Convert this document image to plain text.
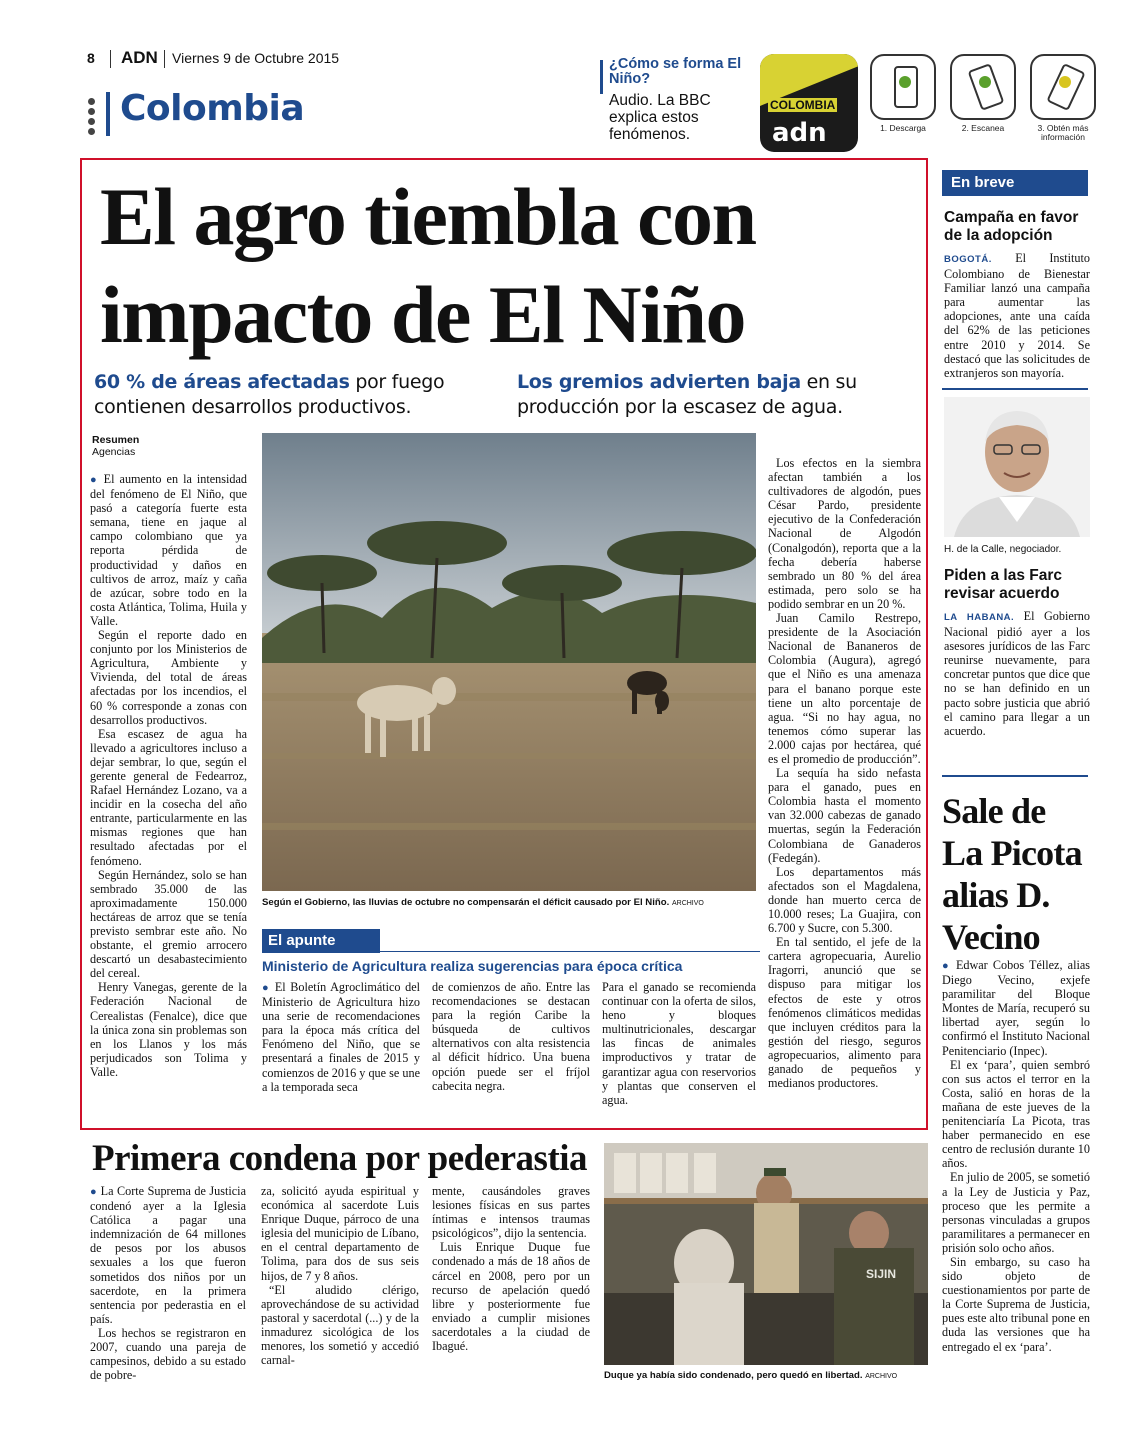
8 ADN Viernes 9 de Octubre 2015
Colombia
¿Cómo se forma El Niño?
Audio. La BBC explica estos fenómenos.
COLOMBIA
adn	1. Descarga	2. Escanea	3. Obtén más información
El agro tiembla con impacto de El Niño
60 % de áreas afectadas por fuego contienen desarrollos productivos.
Los gremios advierten baja en su producción por la escasez de agua.
Resumen
Agencias

● El aumento en la intensidad del fenómeno de El Niño, que pasó a categoría fuerte esta semana, tiene en jaque al campo colombiano que ya reporta pérdida de productividad y daños en cultivos de arroz, maíz y caña de azúcar, sobre todo en la costa Atlántica, Tolima, Huila y Valle.

Según el reporte dado en conjunto por los Ministerios de Agricultura, Ambiente y Vivienda, del total de áreas afectadas por los incendios, el 60 % corresponde a zonas con desarrollos productivos.

Esa escasez de agua ha llevado a agricultores incluso a dejar sembrar, lo que, según el gerente general de Fedearroz, Rafael Hernández Lozano, va a incidir en la cosecha del año entrante, particularmente en las mismas regiones que han resultado afectadas por el fenómeno.

Según Hernández, solo se han sembrado 35.000 de las aproximadamente 150.000 hectáreas de arroz que se tenía previsto sembrar este año. No obstante, el gremio arrocero descartó un desabastecimiento del cereal.

Henry Vanegas, gerente de la Federación Nacional de Cerealistas (Fenalce), dice que la única zona sin problemas son en los Llanos y los más perjudicados son Tolima y Valle.

Según el Gobierno, las lluvias de octubre no compensarán el déficit causado por El Niño. ARCHIVO

Los efectos en la siembra afectan también a los cultivadores de algodón, pues César Pardo, presidente ejecutivo de la Confederación Nacional de Algodón (Conalgodón), reporta que a la fecha debería haberse sembrado un 80 % del área estimada, pero solo se ha podido sembrar en un 20 %.

Juan Camilo Restrepo, presidente de la Asociación Nacional de Bananeros de Colombia (Augura), agregó que el Niño es una amenaza para el banano porque este tiene un alto porcentaje de agua. “Si no hay agua, no tenemos cómo superar las 2.000 cajas por hectárea, qué es el promedio de producción”.

La sequía ha sido nefasta para el ganado, pues en Colombia hasta el momento van 32.000 cabezas de ganado muertas, según la Federación Colombiana de Ganaderos (Fedegán).

Los departamentos más afectados son el Magdalena, donde han muerto cerca de 10.000 reses; La Guajira, con 6.700 y Sucre, con 5.300.

En tal sentido, el jefe de la cartera agropecuaria, Aurelio Iragorri, anunció que se dispuso para mitigar los efectos de este y otros fenómenos climáticos medidas que incluyen créditos para la gestión del riesgo, seguros agropecuarios, alimento para ganado de pequeños y medianos productores.

El apunte
Ministerio de Agricultura realiza sugerencias para época crítica

● El Boletín Agroclimático del Ministerio de Agricultura hizo una serie de recomendaciones para la época más crítica del Fenómeno del Niño, que se presentará a finales de 2015 y comienzos de 2016 y que se une a la temporada seca

de comienzos de año. Entre las recomendaciones se destacan para la región Caribe la búsqueda de cultivos alternativos con alta resistencia al déficit hídrico. Una buena opción puede ser el fríjol cabecita negra.

Para el ganado se recomienda continuar con la oferta de silos, heno y bloques multinutricionales, descargar las fincas de animales improductivos y tratar de garantizar agua con reservorios y plantas que conserven el agua.

En breve
Campaña en favor de la adopción

BOGOTÁ. El Instituto Colombiano de Bienestar Familiar lanzó una campaña para aumentar las adopciones, ante una caída del 62% de las peticiones entre 2010 y 2014. Se destacó que las solicitudes de extranjeros son mayoría.

H. de la Calle, negociador.
Piden a las Farc revisar acuerdo

LA HABANA. El Gobierno Nacional pidió ayer a los asesores jurídicos de las Farc reunirse nuevamente, para concretar puntos que dice que no se han definido en un pacto sobre justicia que abrió el camino para llegar a un acuerdo.

Sale de La Picota alias D. Vecino

● Edwar Cobos Téllez, alias Diego Vecino, exjefe paramilitar del Bloque Montes de María, recuperó su libertad ayer, según lo confirmó el Instituto Nacional Penitenciario (Inpec).

El ex ‘para’, quien sembró con sus actos el terror en la Costa, salió en horas de la mañana de este jueves de la penitenciaría La Picota, tras haber permanecido en ese centro de reclusión durante 10 años.

En julio de 2005, se sometió a la Ley de Justicia y Paz, proceso que les permite a personas vinculadas a grupos paramilitares a permanecer en prisión solo ocho años.

Sin embargo, su caso ha sido objeto de cuestionamientos por parte de la Corte Suprema de Justicia, pues este alto tribunal pone en duda las versiones que ha entregado el ex ‘para’.

Primera condena por pederastia

● La Corte Suprema de Justicia condenó ayer a la Iglesia Católica a pagar una indemnización de 64 millones de pesos por los abusos sexuales a los que fueron sometidos dos niños por un sacerdote, en la primera sentencia por pederastia en el país.

Los hechos se registraron en 2007, cuando una pareja de campesinos, debido a su estado de pobre-

za, solicitó ayuda espiritual y económica al sacerdote Luis Enrique Duque, párroco de una iglesia del municipio de Líbano, en el central departamento de Tolima, para dos de sus seis hijos, de 7 y 8 años.

“El aludido clérigo, aprovechándose de su actividad pastoral y sacerdotal (...) y de la inmadurez sicológica de los menores, los sometió y accedió carnal-

mente, causándoles graves lesiones físicas en sus partes íntimas e intensos traumas psicológicos”, dijo la sentencia.

Luis Enrique Duque fue condenado a más de 18 años de cárcel en 2008, pero por un recurso de apelación quedó libre y posteriormente fue enviado a cumplir misiones sacerdotales a la ciudad de Ibagué.

SIJIN
Duque ya había sido condenado, pero quedó en libertad. ARCHIVO
